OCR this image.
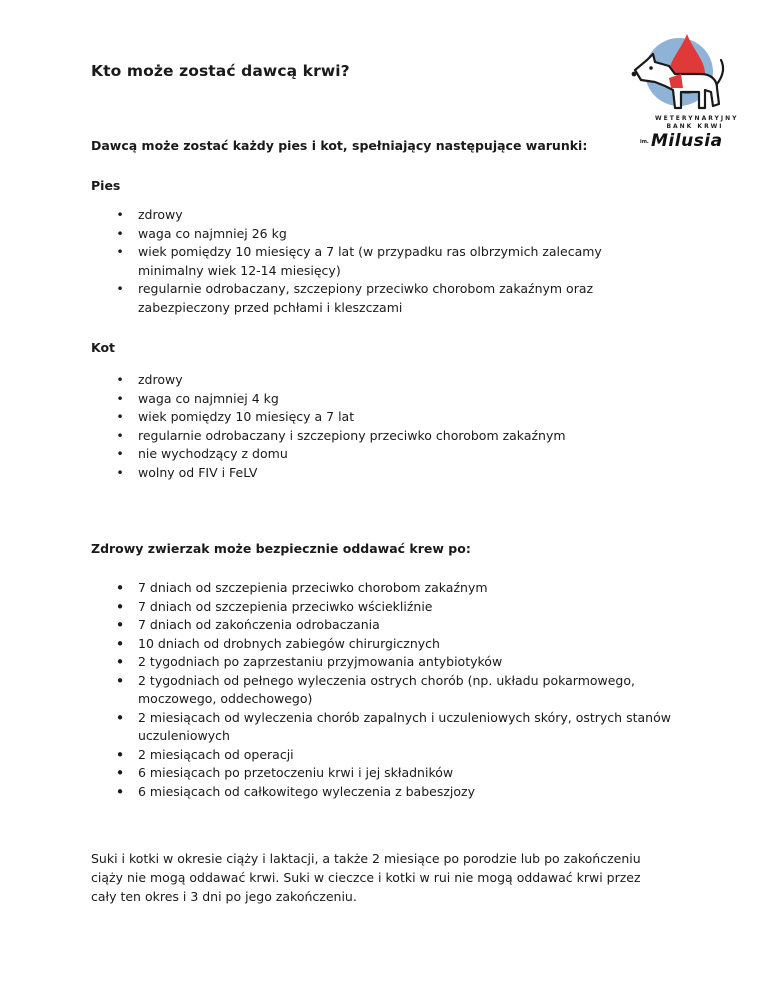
Kto może zostać dawcą krwi?
WETERYNARYJNY
BANK KRWI
im. Milusia

Dawcą może zostać każdy pies i kot, spełniający następujące warunki:

Pies

• zdrowy
• waga co najmniej 26 kg
• wiek pomiędzy 10 miesięcy a 7 lat (w przypadku ras olbrzymich zalecamy minimalny wiek 12-14 miesięcy)
• regularnie odrobaczany, szczepiony przeciwko chorobom zakaźnym oraz zabezpieczony przed pchłami i kleszczami

Kot

• zdrowy
• waga co najmniej 4 kg
• wiek pomiędzy 10 miesięcy a 7 lat
• regularnie odrobaczany i szczepiony przeciwko chorobom zakaźnym
• nie wychodzący z domu
• wolny od FIV i FeLV

Zdrowy zwierzak może bezpiecznie oddawać krew po:

• 7 dniach od szczepienia przeciwko chorobom zakaźnym
• 7 dniach od szczepienia przeciwko wściekliźnie
• 7 dniach od zakończenia odrobaczania
• 10 dniach od drobnych zabiegów chirurgicznych
• 2 tygodniach po zaprzestaniu przyjmowania antybiotyków
• 2 tygodniach od pełnego wyleczenia ostrych chorób (np. układu pokarmowego, moczowego, oddechowego)
• 2 miesiącach od wyleczenia chorób zapalnych i uczuleniowych skóry, ostrych stanów uczuleniowych
• 2 miesiącach od operacji
• 6 miesiącach po przetoczeniu krwi i jej składników
• 6 miesiącach od całkowitego wyleczenia z babeszjozy

Suki i kotki w okresie ciąży i laktacji, a także 2 miesiące po porodzie lub po zakończeniu ciąży nie mogą oddawać krwi. Suki w cieczce i kotki w rui nie mogą oddawać krwi przez cały ten okres i 3 dni po jego zakończeniu.
